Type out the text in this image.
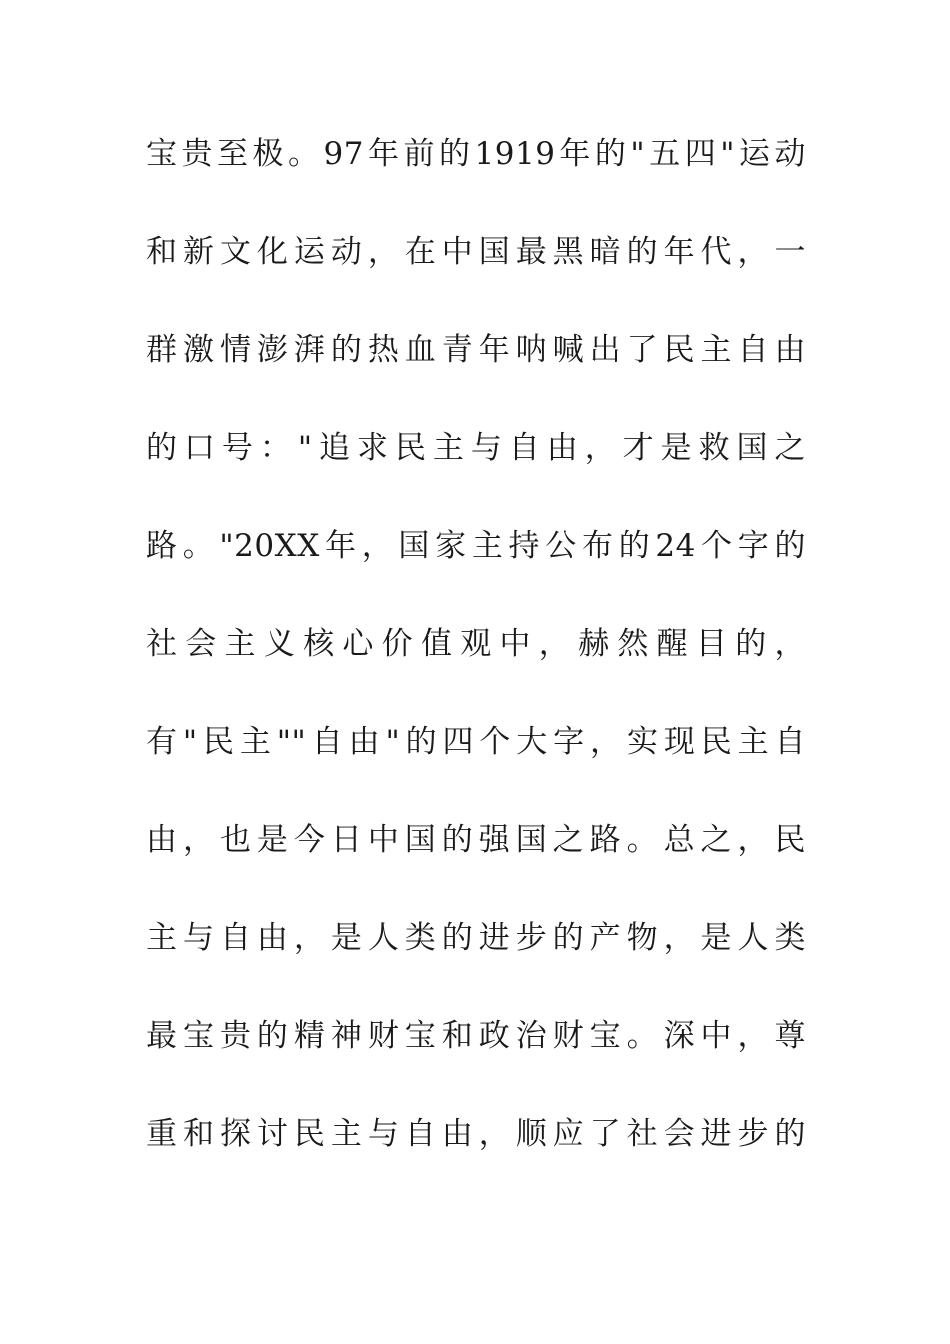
宝贵至极。97年前的1919年的"五四"运动
和新文化运动，在中国最黑暗的年代，一
群激情澎湃的热血青年呐喊出了民主自由
的口号："追求民主与自由，才是救国之
路。"20XX年，国家主持公布的24个字的
社会主义核心价值观中，赫然醒目的，
有"民主""自由"的四个大字，实现民主自
由，也是今日中国的强国之路。总之，民
主与自由，是人类的进步的产物，是人类
最宝贵的精神财宝和政治财宝。深中，尊
重和探讨民主与自由，顺应了社会进步的
